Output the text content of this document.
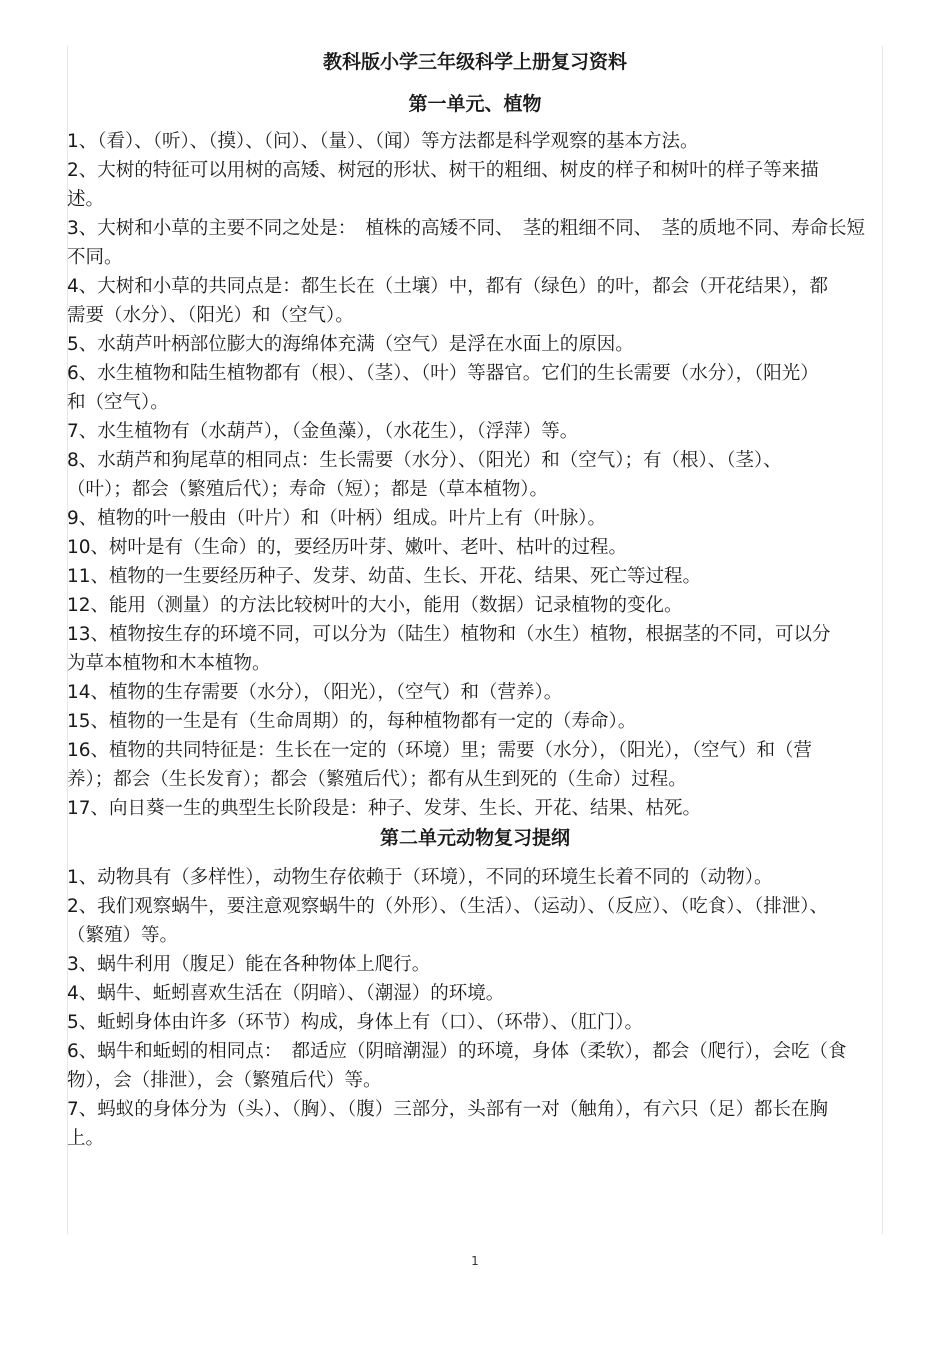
教科版小学三年级科学上册复习资料
第一单元、植物

1、（看）、（听）、（摸）、（问）、（量）、（闻）等方法都是科学观察的基本方法。

2、大树的特征可以用树的高矮、树冠的形状、树干的粗细、树皮的样子和树叶的样子等来描述。

3、大树和小草的主要不同之处是：　植株的高矮不同、　茎的粗细不同、　茎的质地不同、寿命长短不同。

4、大树和小草的共同点是：都生长在（土壤）中，都有（绿色）的叶，都会（开花结果），都需要（水分）、（阳光）和（空气）。

5、水葫芦叶柄部位膨大的海绵体充满（空气）是浮在水面上的原因。

6、水生植物和陆生植物都有（根）、（茎）、（叶）等器官。它们的生长需要（水分），（阳光）和（空气）。

7、水生植物有（水葫芦），（金鱼藻），（水花生），（浮萍）等。

8、水葫芦和狗尾草的相同点：生长需要（水分）、（阳光）和（空气）；有（根）、（茎）、（叶）；都会（繁殖后代）；寿命（短）；都是（草本植物）。

9、植物的叶一般由（叶片）和（叶柄）组成。叶片上有（叶脉）。

10、树叶是有（生命）的，要经历叶芽、嫩叶、老叶、枯叶的过程。

11、植物的一生要经历种子、发芽、幼苗、生长、开花、结果、死亡等过程。

12、能用（测量）的方法比较树叶的大小，能用（数据）记录植物的变化。

13、植物按生存的环境不同，可以分为（陆生）植物和（水生）植物，根据茎的不同，可以分为草本植物和木本植物。

14、植物的生存需要（水分），（阳光），（空气）和（营养）。

15、植物的一生是有（生命周期）的，每种植物都有一定的（寿命）。

16、植物的共同特征是：生长在一定的（环境）里；需要（水分），（阳光），（空气）和（营养）；都会（生长发育）；都会（繁殖后代）；都有从生到死的（生命）过程。

17、向日葵一生的典型生长阶段是：种子、发芽、生长、开花、结果、枯死。

第二单元动物复习提纲

1、动物具有（多样性），动物生存依赖于（环境），不同的环境生长着不同的（动物）。

2、我们观察蜗牛，要注意观察蜗牛的（外形）、（生活）、（运动）、（反应）、（吃食）、（排泄）、（繁殖）等。

3、蜗牛利用（腹足）能在各种物体上爬行。

4、蜗牛、蚯蚓喜欢生活在（阴暗）、（潮湿）的环境。

5、蚯蚓身体由许多（环节）构成，身体上有（口）、（环带）、（肛门）。

6、蜗牛和蚯蚓的相同点：　都适应（阴暗潮湿）的环境，身体（柔软），都会（爬行），会吃（食物），会（排泄），会（繁殖后代）等。

7、蚂蚁的身体分为（头）、（胸）、（腹）三部分，头部有一对（触角），有六只（足）都长在胸上。

1
